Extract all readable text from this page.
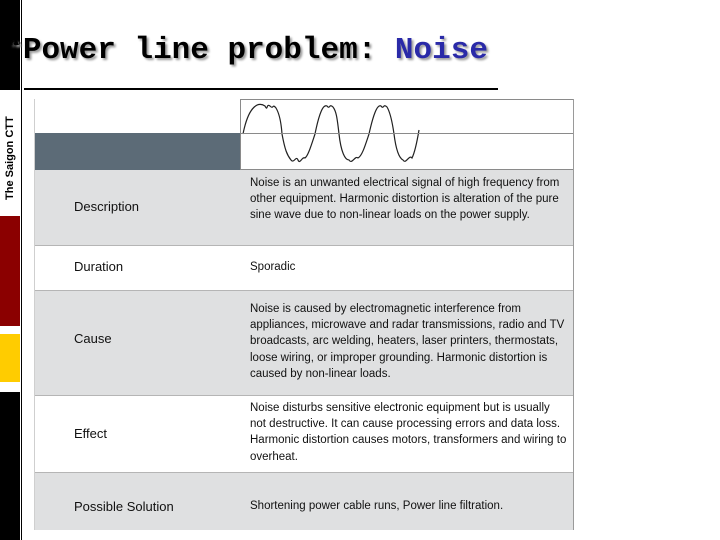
The Saigon CTT
❧Power line problem: Noise
Description
Noise is an unwanted electrical signal of high frequency from other equipment. Harmonic distortion is alteration of the pure sine wave due to non-linear loads on the power supply.
Duration	Sporadic
Cause
Noise is caused by electromagnetic interference from appliances, microwave and radar transmissions, radio and TV broadcasts, arc welding, heaters, laser printers, thermostats, loose wiring, or improper grounding. Harmonic distortion is caused by non-linear loads.
Effect
Noise disturbs sensitive electronic equipment but is usually not destructive. It can cause processing errors and data loss. Harmonic distortion causes motors, transformers and wiring to overheat.
Possible Solution	Shortening power cable runs, Power line filtration.
